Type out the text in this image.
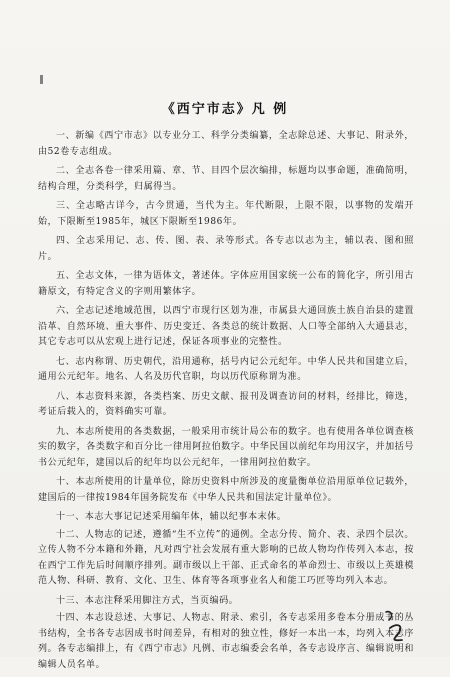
《西宁市志》凡 例

一、新编《西宁市志》以专业分工、科学分类编纂，全志除总述、大事记、附录外，由52卷专志组成。

二、全志各卷一律采用篇、章、节、目四个层次编排，标题均以事命题，准确简明，结构合理，分类科学，归属得当。

三、全志略古详今，古今贯通，当代为主。年代断限，上限不限，以事物的发端开始，下限断至1985年，城区下限断至1986年。

四、全志采用记、志、传、图、表、录等形式。各专志以志为主，辅以表、图和照片。

五、全志文体，一律为语体文，著述体。字体应用国家统一公布的简化字，所引用古籍原文，有特定含义的字则用繁体字。

六、全志记述地域范围，以西宁市现行区划为准，市属县大通回族土族自治县的建置沿革、自然环境、重大事件、历史变迁、各类总的统计数据、人口等全部纳入大通县志，其它专志可以从宏观上进行记述，保证各项事业的完整性。

七、志内称谓、历史朝代，沿用通称，括号内记公元纪年。中华人民共和国建立后，通用公元纪年。地名、人名及历代官职，均以历代原称谓为准。

八、本志资料来源，各类档案、历史文献、报刊及调查访问的材料，经排比，筛选，考证后载入的，资料确实可靠。

九、本志所使用的各类数据，一般采用市统计局公布的数字。也有使用各单位调查核实的数字，各类数字和百分比一律用阿拉伯数字。中华民国以前纪年均用汉字，并加括号书公元纪年，建国以后的纪年均以公元纪年，一律用阿拉伯数字。

十、本志所使用的计量单位，除历史资料中所涉及的度量衡单位沿用原单位记载外，建国后的一律按1984年国务院发布《中华人民共和国法定计量单位》。

十一、本志大事记记述采用编年体，辅以纪事本末体。

十二、人物志的记述，遵循“生不立传”的通例。全志分传、简介、表、录四个层次。立传人物不分本籍和外籍，凡对西宁社会发展有重大影响的已故人物均作传列入本志，按在西宁工作先后时间顺序排列。副市级以上干部、正式命名的革命烈士、市级以上英雄模范人物、科研、教育、文化、卫生、体育等各项事业名人和能工巧匠等均列入本志。

十三、本志注释采用脚注方式，当页编码。

十四、本志设总述、大事记、人物志、附录、索引，各专志采用多卷本分册成书的丛书结构，全书各专志因成书时间差异，有相对的独立性，修好一本出一本，均列入本志序列。各专志编排上，有《西宁市志》凡例、市志编委会名单，各专志设序言、编辑说明和编辑人员名单。
